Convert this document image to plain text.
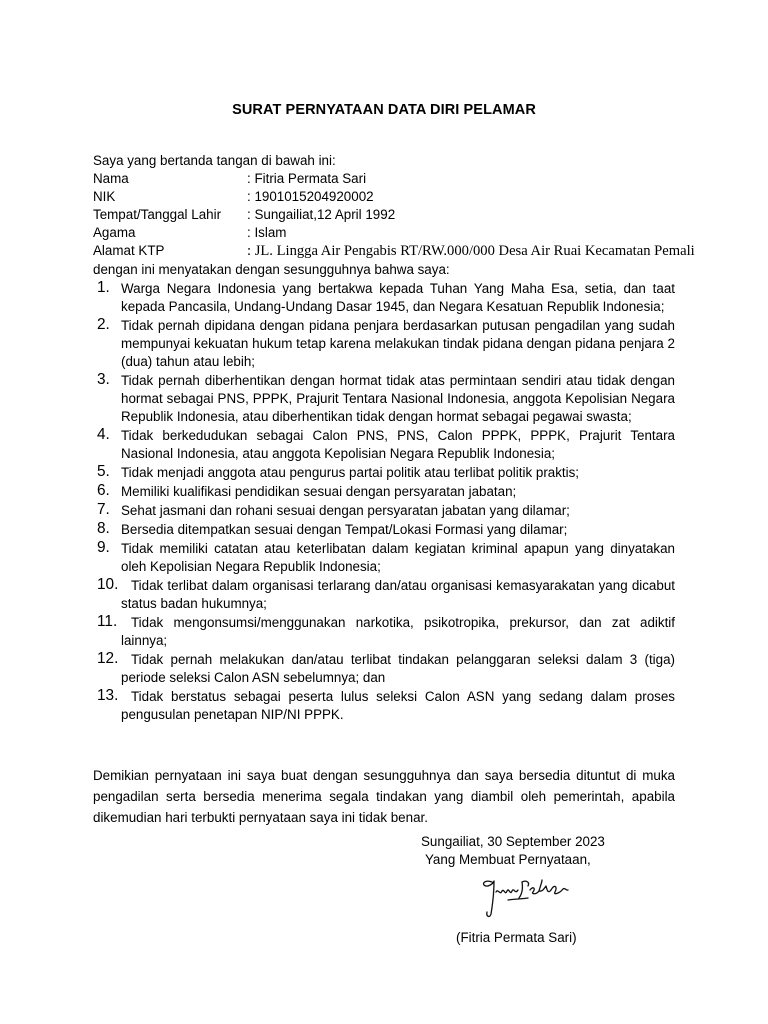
SURAT PERNYATAAN DATA DIRI PELAMAR
Saya yang bertanda tangan di bawah ini:
Nama	: Fitria Permata Sari
NIK	: 1901015204920002
Tempat/Tanggal Lahir : Sungailiat,12 April 1992
Agama	: Islam
Alamat KTP	: JL. Lingga Air Pengabis RT/RW.000/000 Desa Air Ruai Kecamatan Pemali
dengan ini menyatakan dengan sesungguhnya bahwa saya:
1. Warga Negara Indonesia yang bertakwa kepada Tuhan Yang Maha Esa, setia, dan taat kepada Pancasila, Undang-Undang Dasar 1945, dan Negara Kesatuan Republik Indonesia;
2. Tidak pernah dipidana dengan pidana penjara berdasarkan putusan pengadilan yang sudah mempunyai kekuatan hukum tetap karena melakukan tindak pidana dengan pidana penjara 2 (dua) tahun atau lebih;
3. Tidak pernah diberhentikan dengan hormat tidak atas permintaan sendiri atau tidak dengan hormat sebagai PNS, PPPK, Prajurit Tentara Nasional Indonesia, anggota Kepolisian Negara Republik Indonesia, atau diberhentikan tidak dengan hormat sebagai pegawai swasta;
4. Tidak berkedudukan sebagai Calon PNS, PNS, Calon PPPK, PPPK, Prajurit Tentara Nasional Indonesia, atau anggota Kepolisian Negara Republik Indonesia;
5. Tidak menjadi anggota atau pengurus partai politik atau terlibat politik praktis;
6. Memiliki kualifikasi pendidikan sesuai dengan persyaratan jabatan;
7. Sehat jasmani dan rohani sesuai dengan persyaratan jabatan yang dilamar;
8. Bersedia ditempatkan sesuai dengan Tempat/Lokasi Formasi yang dilamar;
9. Tidak memiliki catatan atau keterlibatan dalam kegiatan kriminal apapun yang dinyatakan oleh Kepolisian Negara Republik Indonesia;
10. Tidak terlibat dalam organisasi terlarang dan/atau organisasi kemasyarakatan yang dicabut status badan hukumnya;
11. Tidak mengonsumsi/menggunakan narkotika, psikotropika, prekursor, dan zat adiktif lainnya;
12. Tidak pernah melakukan dan/atau terlibat tindakan pelanggaran seleksi dalam 3 (tiga) periode seleksi Calon ASN sebelumnya; dan
13. Tidak berstatus sebagai peserta lulus seleksi Calon ASN yang sedang dalam proses pengusulan penetapan NIP/NI PPPK.
Demikian pernyataan ini saya buat dengan sesungguhnya dan saya bersedia dituntut di muka pengadilan serta bersedia menerima segala tindakan yang diambil oleh pemerintah, apabila dikemudian hari terbukti pernyataan saya ini tidak benar.
Sungailiat, 30 September 2023
Yang Membuat Pernyataan,
(Fitria Permata Sari)
